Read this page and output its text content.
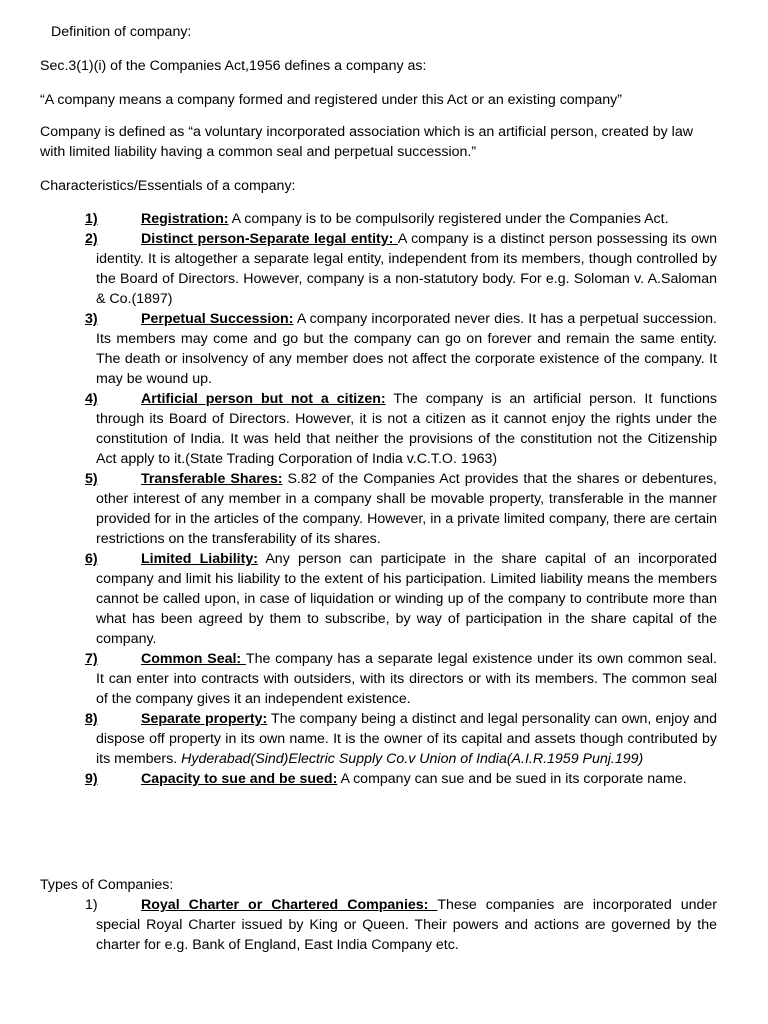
Definition of company:
Sec.3(1)(i) of the Companies Act,1956 defines a company as:
“A company means a company formed and registered under this Act or an existing company”
Company is defined as “a voluntary incorporated association which is an artificial person, created by law with limited liability having a common seal and perpetual succession.”
Characteristics/Essentials of a company:
1)	Registration: A company is to be compulsorily registered under the Companies Act.
2)	Distinct person-Separate legal entity: A company is a distinct person possessing its own identity. It is altogether a separate legal entity, independent from its members, though controlled by the Board of Directors. However, company is a non-statutory body. For e.g. Soloman v. A.Saloman & Co.(1897)
3)	Perpetual Succession: A company incorporated never dies. It has a perpetual succession. Its members may come and go but the company can go on forever and remain the same entity. The death or insolvency of any member does not affect the corporate existence of the company. It may be wound up.
4)	Artificial person but not a citizen: The company is an artificial person. It functions through its Board of Directors. However, it is not a citizen as it cannot enjoy the rights under the constitution of India. It was held that neither the provisions of the constitution not the Citizenship Act apply to it.(State Trading Corporation of India v.C.T.O. 1963)
5)	Transferable Shares: S.82 of the Companies Act provides that the shares or debentures, other interest of any member in a company shall be movable property, transferable in the manner provided for in the articles of the company. However, in a private limited company, there are certain restrictions on the transferability of its shares.
6)	Limited Liability: Any person can participate in the share capital of an incorporated company and limit his liability to the extent of his participation. Limited liability means the members cannot be called upon, in case of liquidation or winding up of the company to contribute more than what has been agreed by them to subscribe, by way of participation in the share capital of the company.
7)	Common Seal: The company has a separate legal existence under its own common seal. It can enter into contracts with outsiders, with its directors or with its members. The common seal of the company gives it an independent existence.
8)	Separate property: The company being a distinct and legal personality can own, enjoy and dispose off property in its own name. It is the owner of its capital and assets though contributed by its members. Hyderabad(Sind)Electric Supply Co.v Union of India(A.I.R.1959 Punj.199)
9)	Capacity to sue and be sued: A company can sue and be sued in its corporate name.
Types of Companies:
1)	Royal Charter or Chartered Companies: These companies are incorporated under special Royal Charter issued by King or Queen. Their powers and actions are governed by the charter for e.g. Bank of England, East India Company etc.
